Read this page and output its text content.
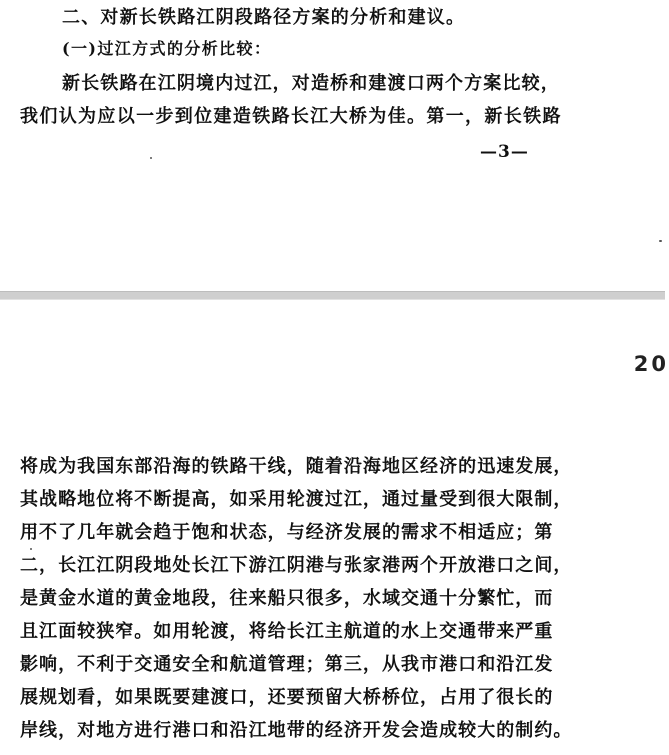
二、对新长铁路江阴段路径方案的分析和建议。
(一)过江方式的分析比较：
新长铁路在江阴境内过江，对造桥和建渡口两个方案比较，
我们认为应以一步到位建造铁路长江大桥为佳。第一，新长铁路
—3—
20
将成为我国东部沿海的铁路干线，随着沿海地区经济的迅速发展，
其战略地位将不断提高，如采用轮渡过江，通过量受到很大限制，
用不了几年就会趋于饱和状态，与经济发展的需求不相适应；第
二，长江江阴段地处长江下游江阴港与张家港两个开放港口之间，
是黄金水道的黄金地段，往来船只很多，水域交通十分繁忙，而
且江面较狭窄。如用轮渡，将给长江主航道的水上交通带来严重
影响，不利于交通安全和航道管理；第三，从我市港口和沿江发
展规划看，如果既要建渡口，还要预留大桥桥位，占用了很长的
岸线，对地方进行港口和沿江地带的经济开发会造成较大的制约。
